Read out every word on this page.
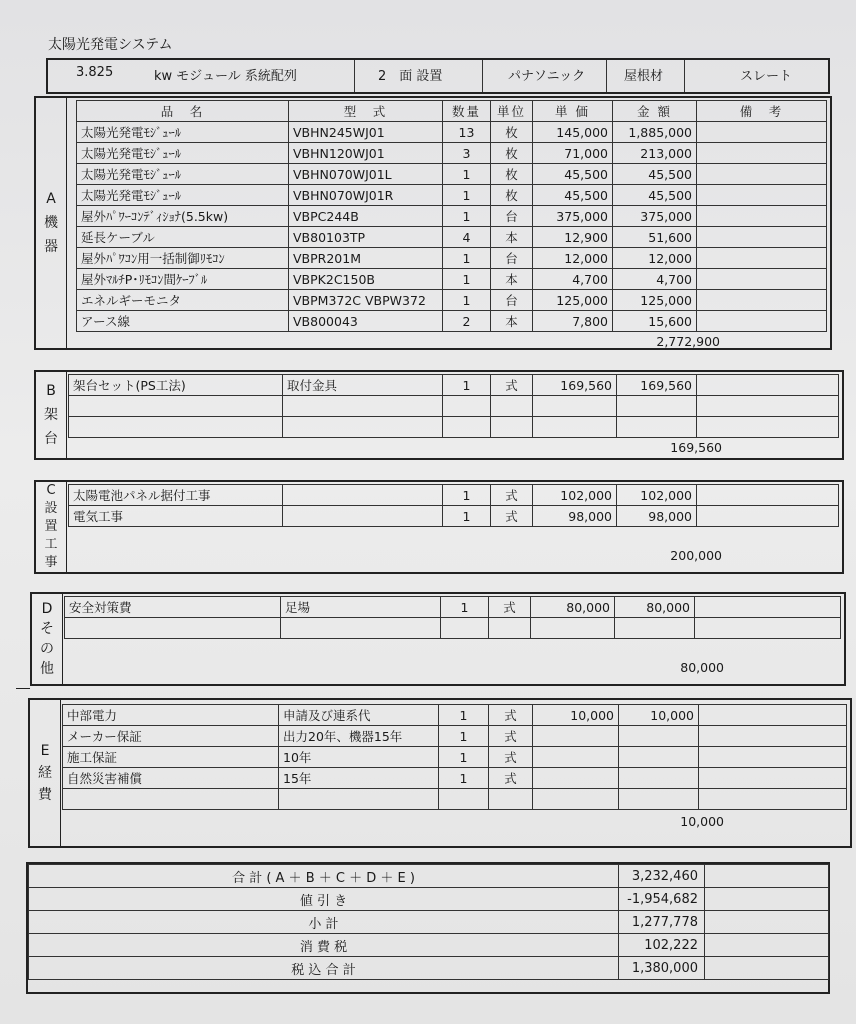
太陽光発電システム
3.825	kw モジュール 系統配列	2　面 設置	パナソニック	屋根材	スレート
A
機
器
品　名	型　式	数量	単位	単 価	金 額	備　考
太陽光発電ﾓｼﾞｭｰﾙ	VBHN245WJ01	13	枚	145,000	1,885,000	
太陽光発電ﾓｼﾞｭｰﾙ	VBHN120WJ01	3	枚	71,000	213,000	
太陽光発電ﾓｼﾞｭｰﾙ	VBHN070WJ01L	1	枚	45,500	45,500	
太陽光発電ﾓｼﾞｭｰﾙ	VBHN070WJ01R	1	枚	45,500	45,500	
屋外ﾊﾟﾜｰｺﾝﾃﾞｨｼｮﾅ(5.5kw)	VBPC244B	1	台	375,000	375,000	
延長ケーブル	VB80103TP	4	本	12,900	51,600	
屋外ﾊﾟﾜｺﾝ用一括制御ﾘﾓｺﾝ	VBPR201M	1	台	12,000	12,000	
屋外ﾏﾙﾁP･ﾘﾓｺﾝ間ｹｰﾌﾞﾙ	VBPK2C150B	1	本	4,700	4,700	
エネルギーモニタ	VBPM372C VBPW372	1	台	125,000	125,000	
アース線	VB800043	2	本	7,800	15,600	
2,772,900
B
架
台
架台セット(PS工法)	取付金具	1	式	169,560	169,560	

169,560
C
設
置
工
事
太陽電池パネル据付工事		1	式	102,000	102,000	
電気工事		1	式	98,000	98,000	
200,000
D
そ
の
他
安全対策費	足場	1	式	80,000	80,000	

80,000
E
経
費
中部電力	申請及び連系代	1	式	10,000	10,000	
メーカー保証	出力20年、機器15年	1	式			
施工保証	10年	1	式			
自然災害補償	15年	1	式			

10,000
合 計 ( A ＋ B ＋ C ＋ D ＋ E )	3,232,460	
値 引 き	-1,954,682	
小 計	1,277,778	
消 費 税	102,222	
税 込 合 計	1,380,000	
